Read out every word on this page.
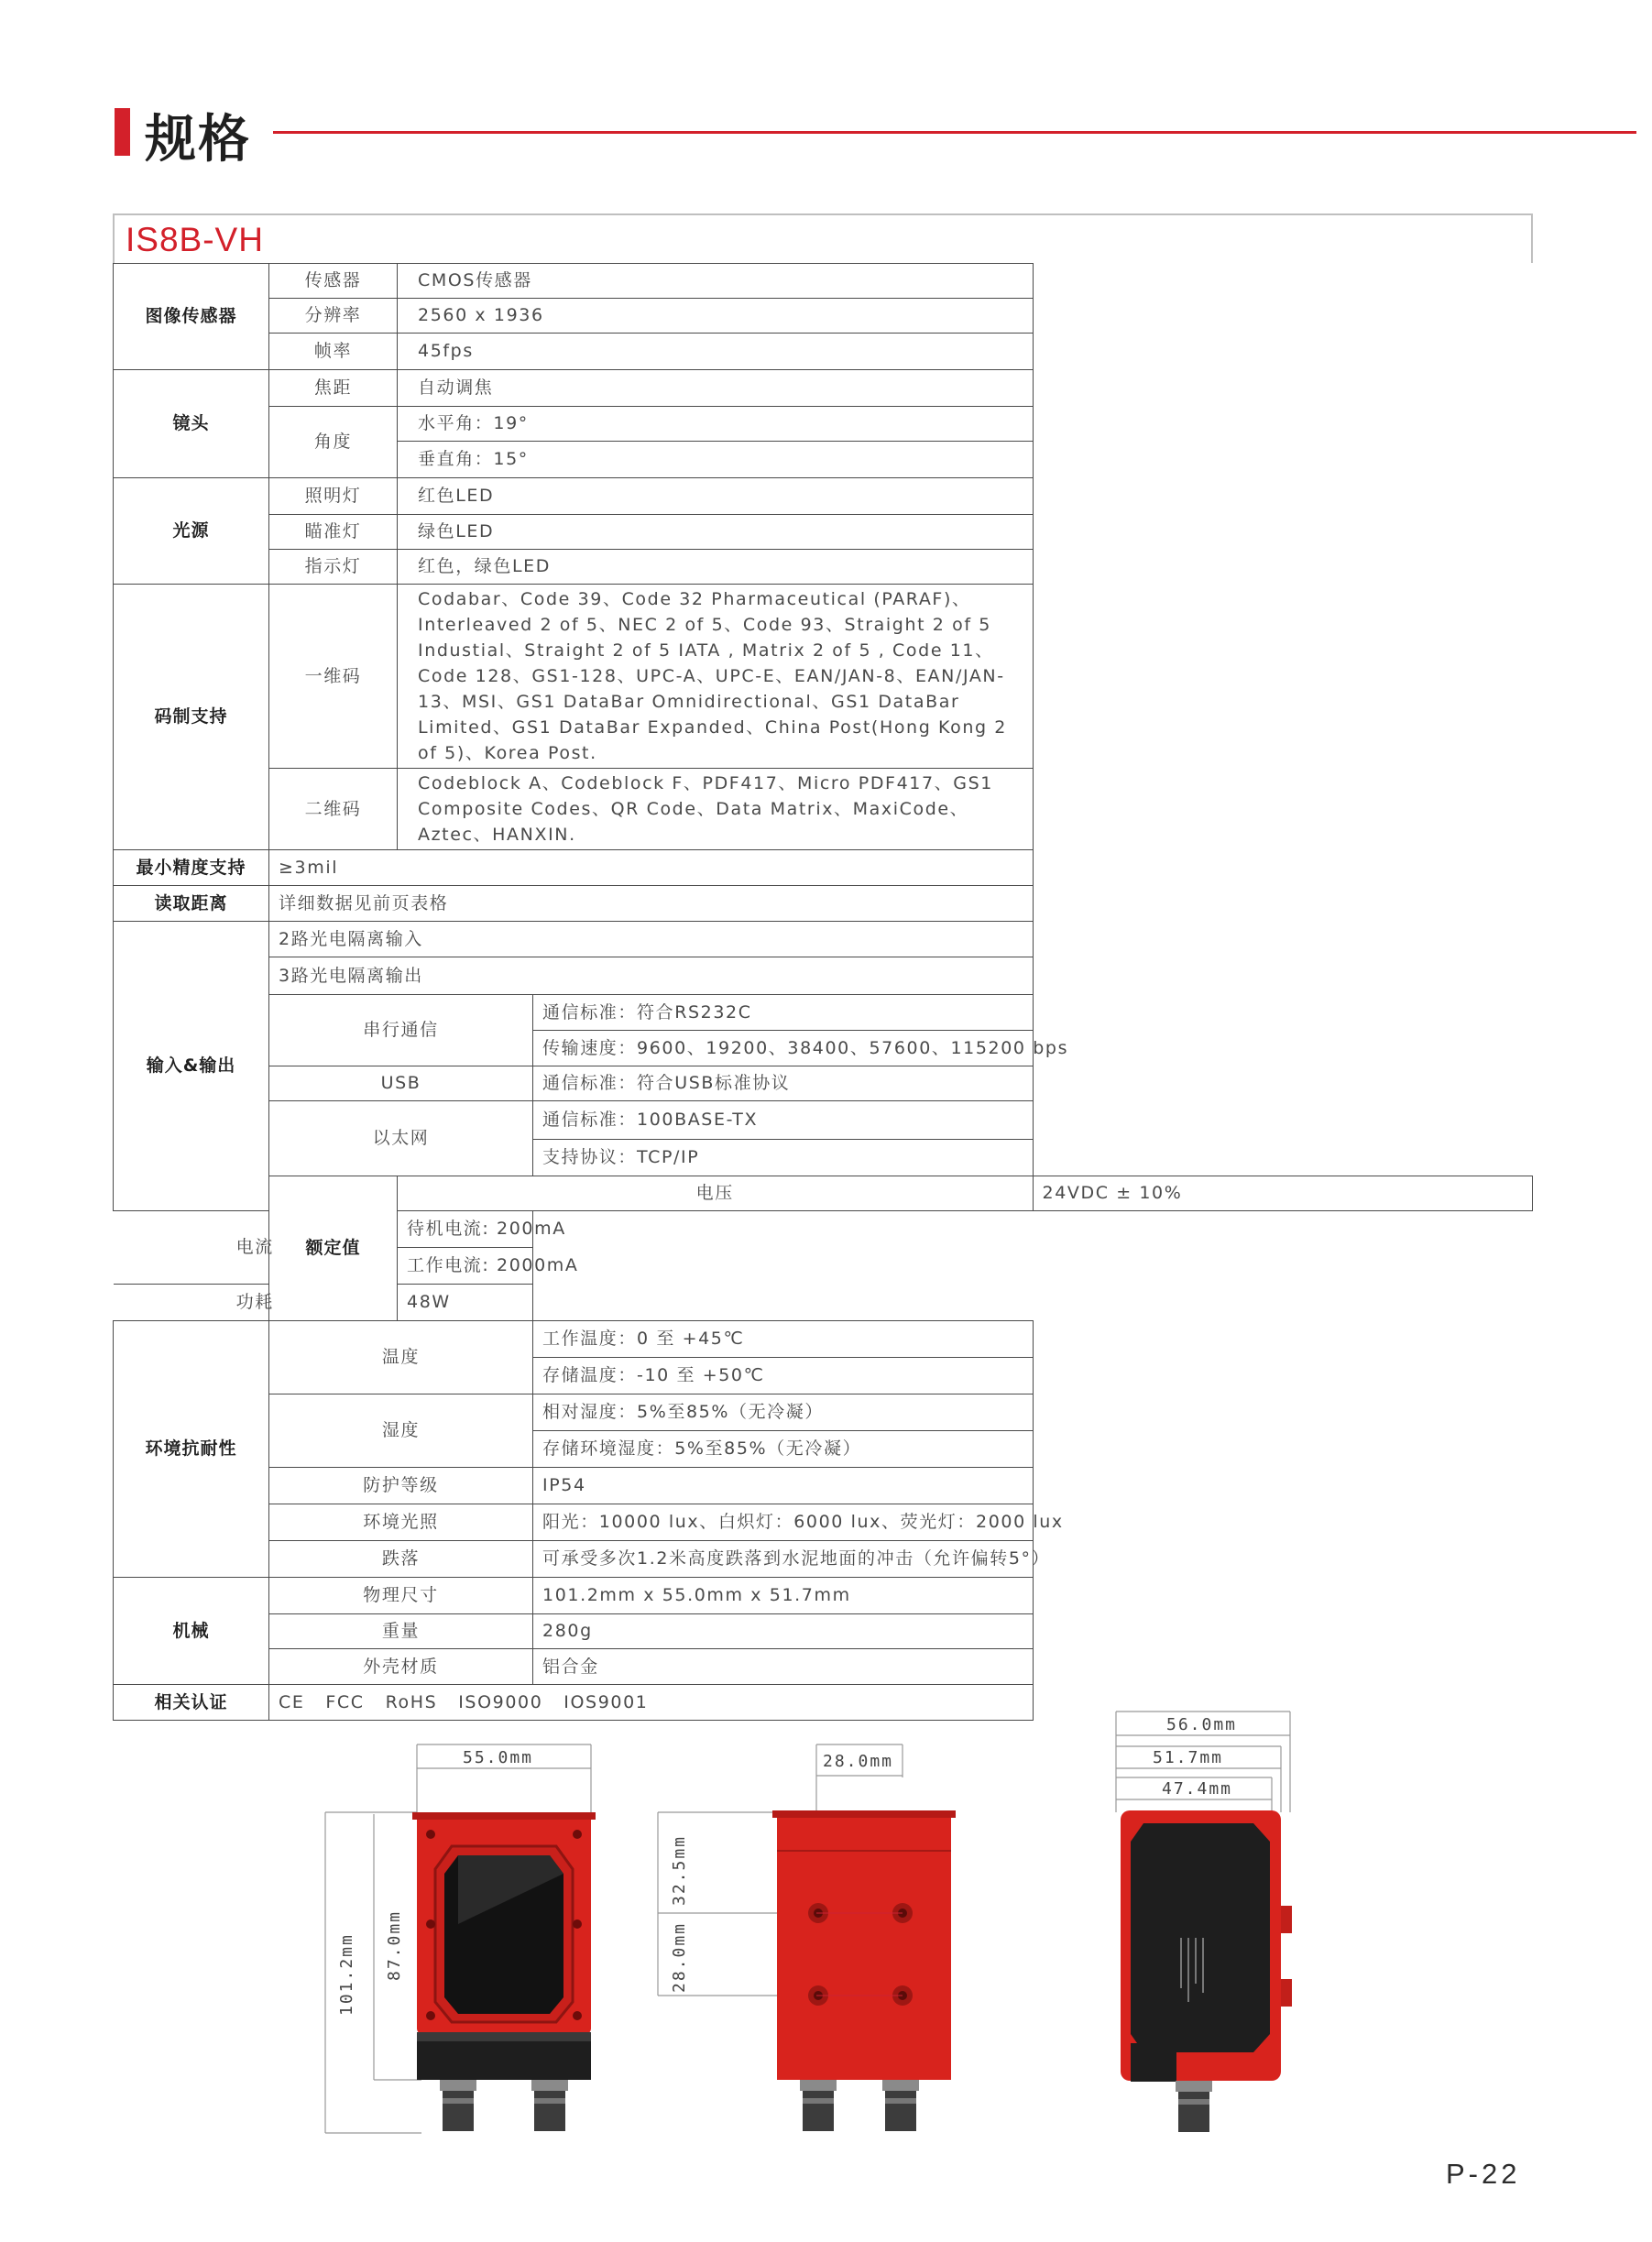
规格
IS8B-VH
图像传感器	传感器	CMOS传感器		
	分辨率	2560 x 1936		
	帧率	45fps		
镜头	焦距	自动调焦		
	角度	水平角：19°		
		垂直角：15°		
光源	照明灯	红色LED		
	瞄准灯	绿色LED		
	指示灯	红色，绿色LED		
码制支持	一维码	Codabar、Code 39、Code 32 Pharmaceutical (PARAF)、Interleaved 2 of 5、NEC 2 of 5、Code 93、Straight 2 of 5 Industial、Straight 2 of 5 IATA , Matrix 2 of 5 , Code 11、Code 128、GS1-128、UPC-A、UPC-E、EAN/JAN-8、EAN/JAN-13、MSI、GS1 DataBar Omnidirectional、GS1 DataBar Limited、GS1 DataBar Expanded、China Post(Hong Kong 2 of 5)、Korea Post.		
	二维码	Codeblock A、Codeblock F、PDF417、Micro PDF417、GS1 Composite Codes、QR Code、Data Matrix、MaxiCode、Aztec、HANXIN.		
最小精度支持	≥3mil			
读取距离	详细数据见前页表格			
输入&输出	2路光电隔离输入			
	3路光电隔离输出			
	串行通信		通信标准：符合RS232C	
			传输速度：9600、19200、38400、57600、115200 bps	
	USB		通信标准：符合USB标准协议	
	以太网		通信标准：100BASE-TX	
			支持协议：TCP/IP	
	额定值	电压		24VDC ± 10%
电流		待机电流: 200mA		
		工作电流: 2000mA		
功耗		48W		
环境抗耐性	温度		工作温度：0 至 +45℃	
			存储温度：-10 至 +50℃	
	湿度		相对湿度：5%至85%（无冷凝）	
			存储环境湿度：5%至85%（无冷凝）	
	防护等级		IP54	
	环境光照		阳光：10000 lux、白炽灯：6000 lux、荧光灯：2000 lux	
	跌落		可承受多次1.2米高度跌落到水泥地面的冲击（允许偏转5°）	
机械	物理尺寸		101.2mm x 55.0mm x 51.7mm	
	重量		280g	
	外壳材质		铝合金	
相关认证	CE   FCC   RoHS   ISO9000   IOS9001			
55.0mm
101.2mm 87.0mm
28.0mm
32.5mm
28.0mm
56.0mm
51.7mm
47.4mm
P-22
